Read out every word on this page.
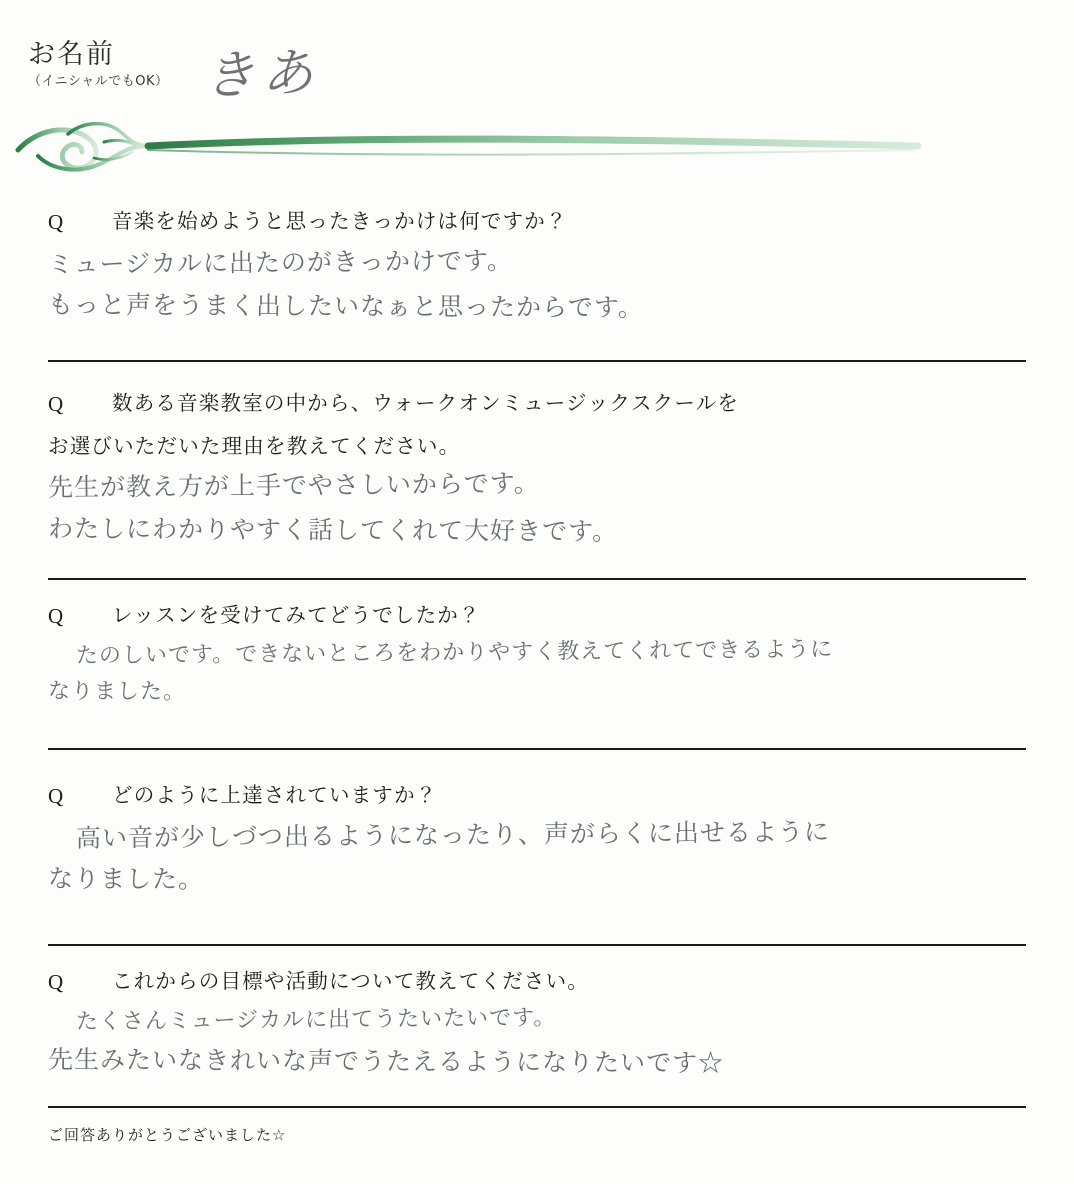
お名前
（イニシャルでもOK） きあ
Q	音楽を始めようと思ったきっかけは何ですか？
ミュージカルに出たのがきっかけです。
もっと声をうまく出したいなぁと思ったからです。
Q	数ある音楽教室の中から、ウォークオンミュージックスクールを
お選びいただいた理由を教えてください。
先生が教え方が上手でやさしいからです。
わたしにわかりやすく話してくれて大好きです。
Q	レッスンを受けてみてどうでしたか？
たのしいです。できないところをわかりやすく教えてくれてできるように
なりました。
Q	どのように上達されていますか？
高い音が少しづつ出るようになったり、声がらくに出せるように
なりました。
Q	これからの目標や活動について教えてください。
たくさんミュージカルに出てうたいたいです。
先生みたいなきれいな声でうたえるようになりたいです☆
ご回答ありがとうございました☆
